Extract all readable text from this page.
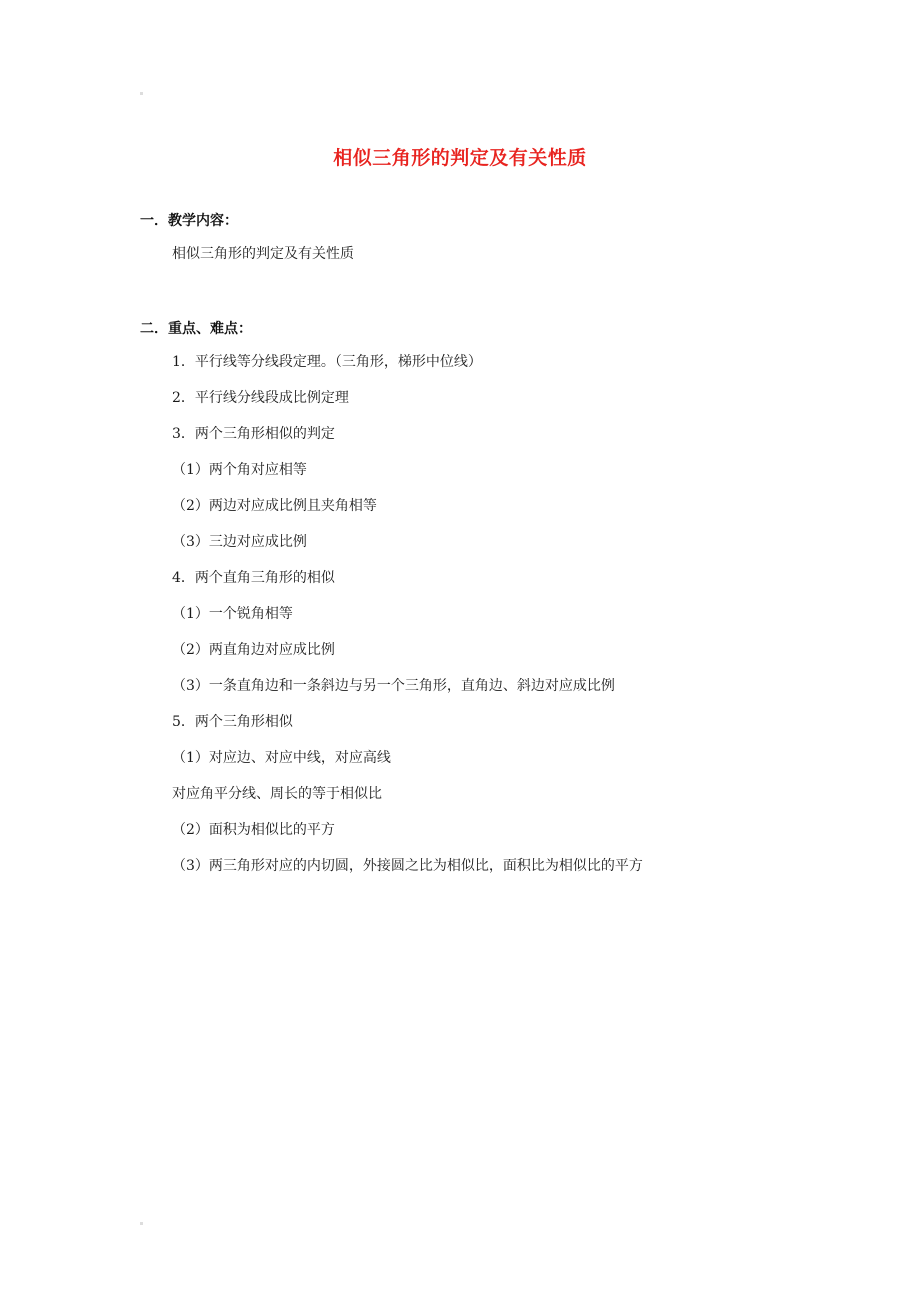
相似三角形的判定及有关性质
一．教学内容：
相似三角形的判定及有关性质
二．重点、难点：
1．平行线等分线段定理。（三角形，梯形中位线）
2．平行线分线段成比例定理
3．两个三角形相似的判定
（1）两个角对应相等
（2）两边对应成比例且夹角相等
（3）三边对应成比例
4．两个直角三角形的相似
（1）一个锐角相等
（2）两直角边对应成比例
（3）一条直角边和一条斜边与另一个三角形，直角边、斜边对应成比例
5．两个三角形相似
（1）对应边、对应中线，对应高线
对应角平分线、周长的等于相似比
（2）面积为相似比的平方
（3）两三角形对应的内切圆，外接圆之比为相似比，面积比为相似比的平方
